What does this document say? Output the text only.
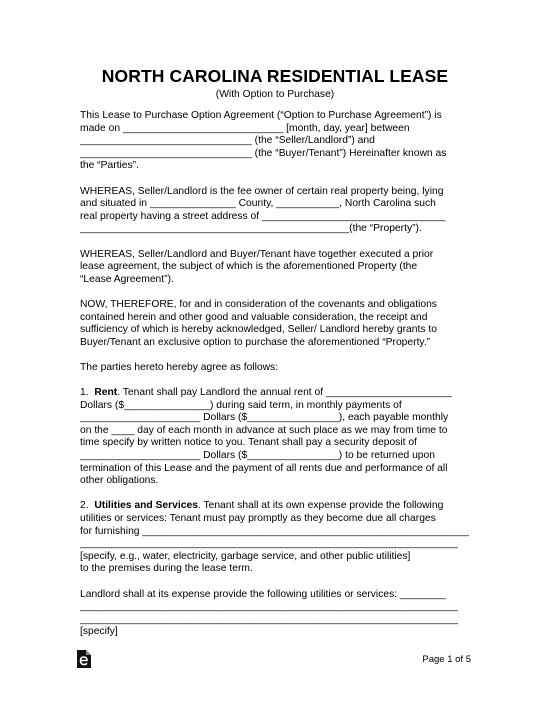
NORTH CAROLINA RESIDENTIAL LEASE
(With Option to Purchase)

This Lease to Purchase Option Agreement (“Option to Purchase Agreement”) is
made on ____________________________ [month, day, year] between
______________________________ (the “Seller/Landlord”) and
______________________________ (the “Buyer/Tenant”) Hereinafter known as
the “Parties”.

WHEREAS, Seller/Landlord is the fee owner of certain real property being, lying
and situated in _______________ County, ___________, North Carolina such
real property having a street address of ________________________________
_______________________________________________(the “Property”).

WHEREAS, Seller/Landlord and Buyer/Tenant have together executed a prior
lease agreement, the subject of which is the aforementioned Property (the
“Lease Agreement”).

NOW, THEREFORE, for and in consideration of the covenants and obligations
contained herein and other good and valuable consideration, the receipt and
sufficiency of which is hereby acknowledged, Seller/ Landlord hereby grants to
Buyer/Tenant an exclusive option to purchase the aforementioned “Property.”

The parties hereto hereby agree as follows:

1. Rent. Tenant shall pay Landlord the annual rent of ______________________
Dollars ($_______________) during said term, in monthly payments of
_____________________ Dollars ($________________), each payable monthly
on the ____ day of each month in advance at such place as we may from time to
time specify by written notice to you. Tenant shall pay a security deposit of
_____________________ Dollars ($________________) to be returned upon
termination of this Lease and the payment of all rents due and performance of all
other obligations.

2. Utilities and Services. Tenant shall at its own expense provide the following
utilities or services: Tenant must pay promptly as they become due all charges
for furnishing _________________________________________________________
__________________________________________________________________
[specify, e.g., water, electricity, garbage service, and other public utilities]
to the premises during the lease term.

Landlord shall at its expense provide the following utilities or services: ________
__________________________________________________________________
__________________________________________________________________
[specify]

Page 1 of 5
